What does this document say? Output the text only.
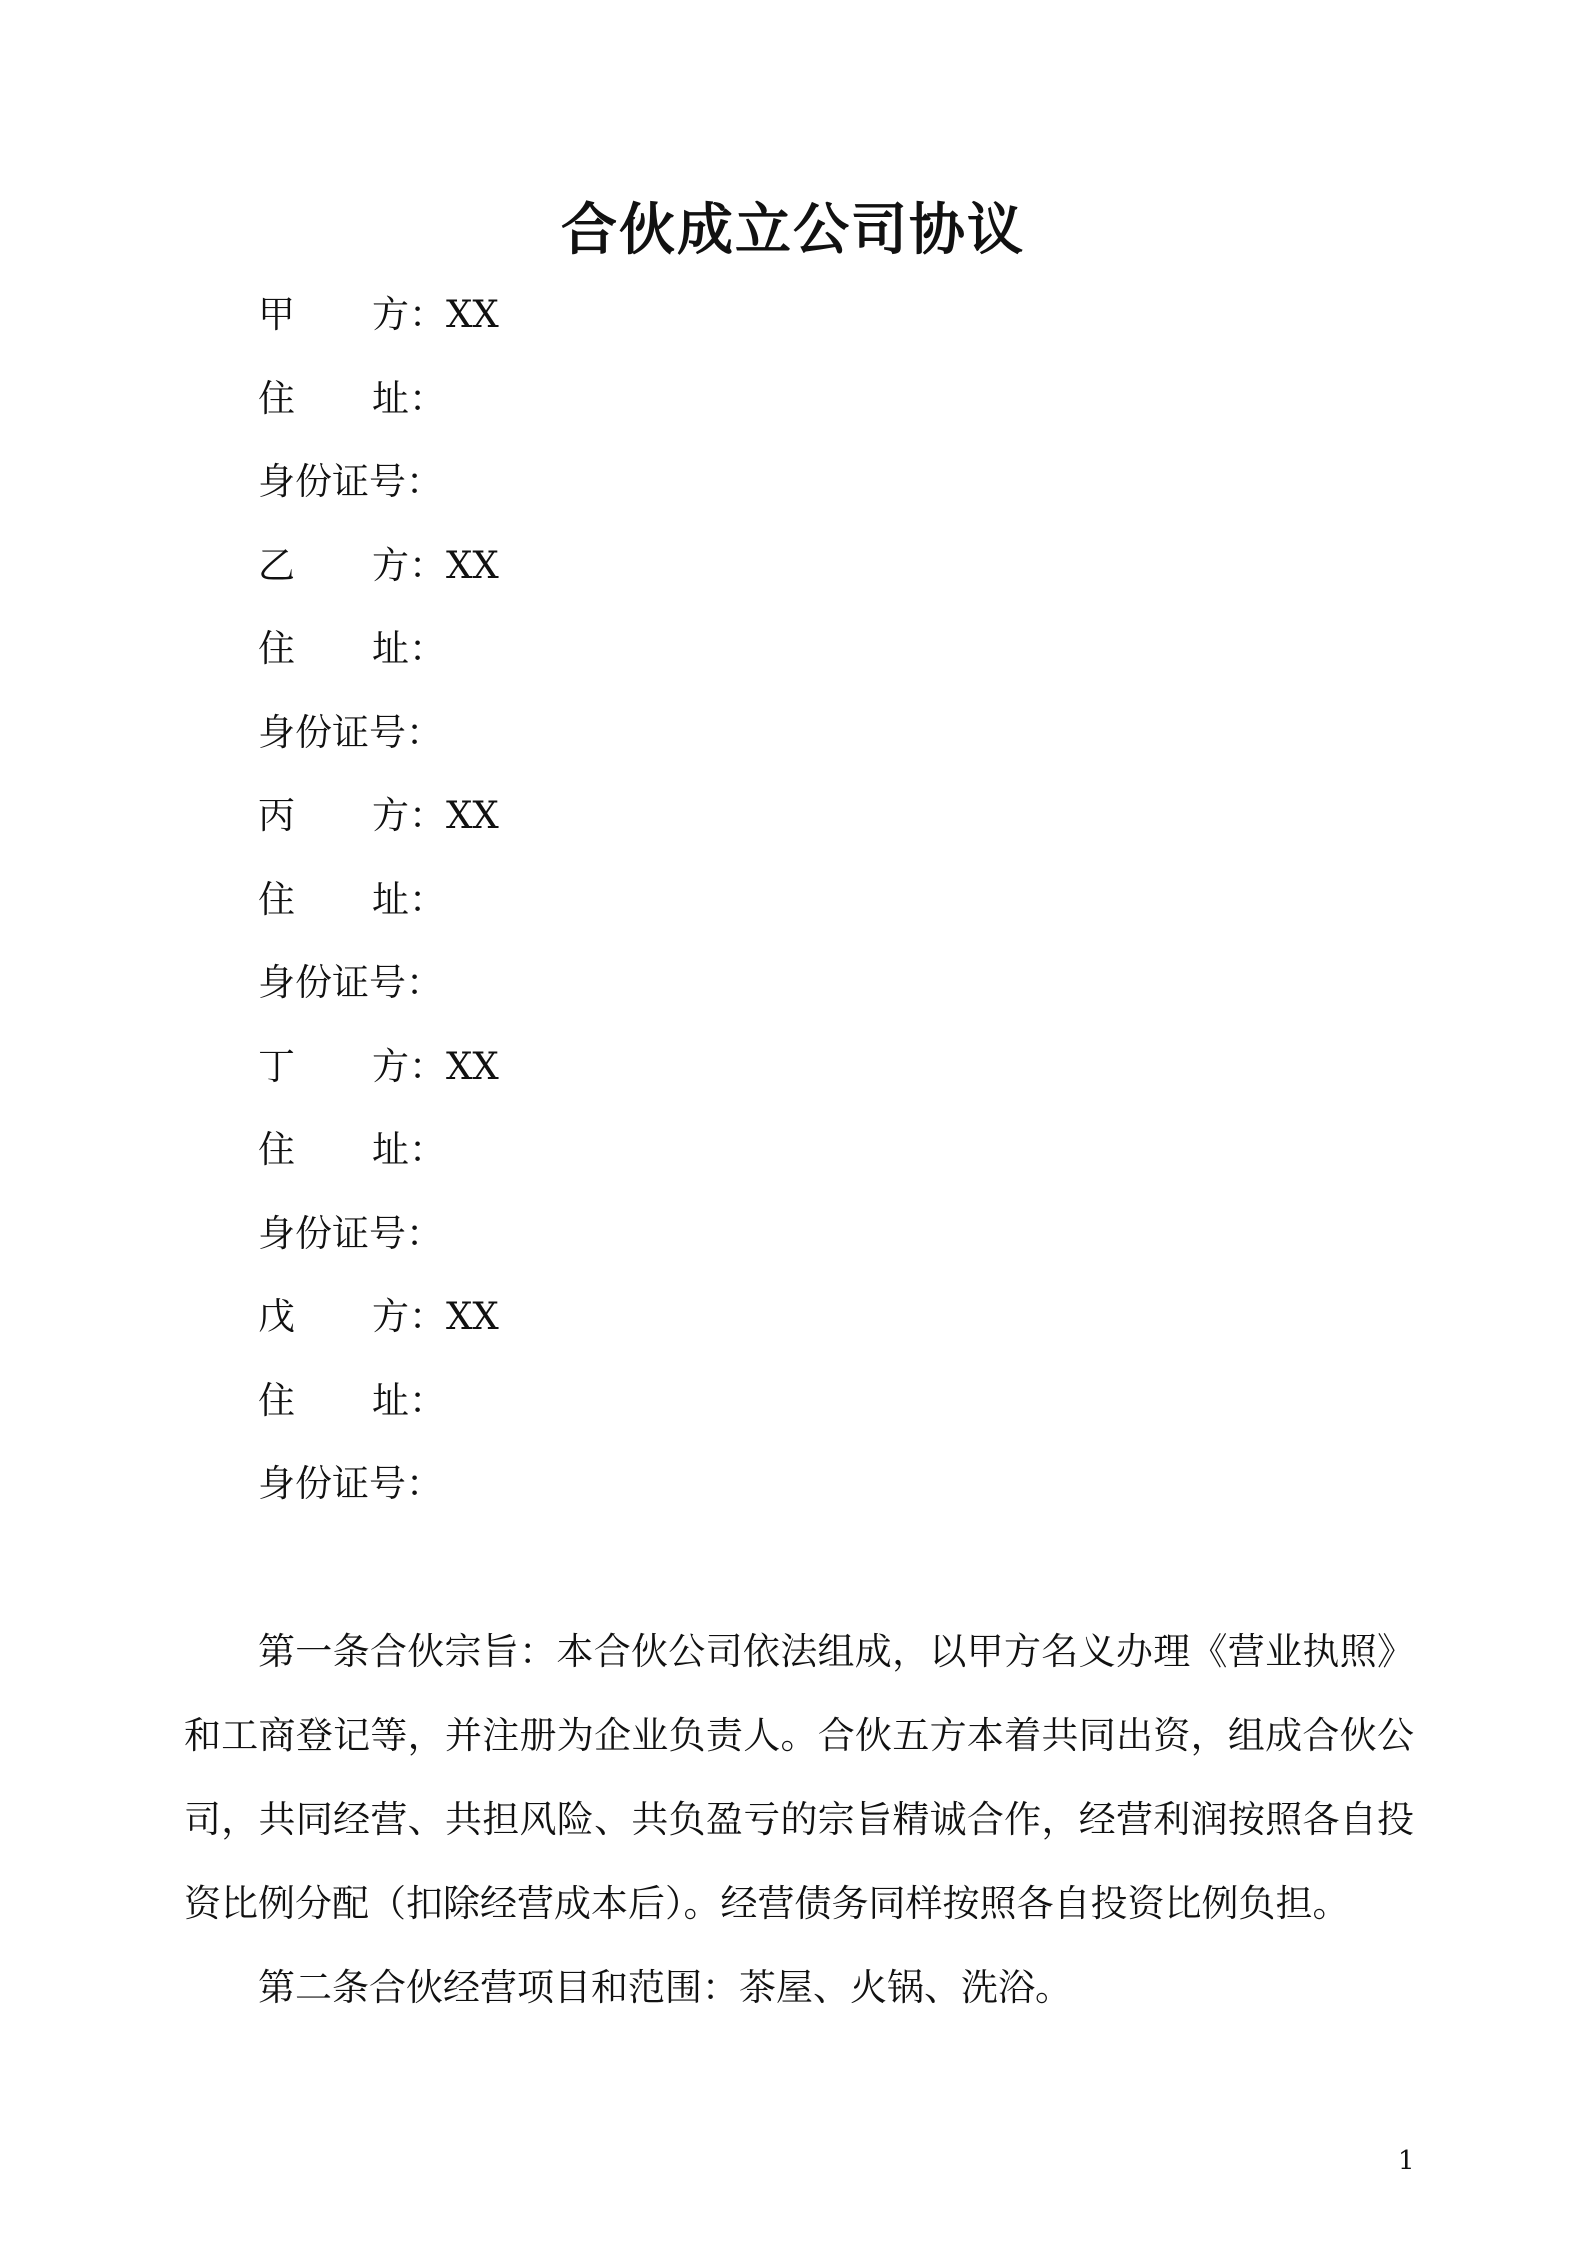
合伙成立公司协议
甲 方：XX
住 址：
身份证号：
乙 方：XX
住 址：
身份证号：
丙 方：XX
住 址：
身份证号：
丁 方：XX
住 址：
身份证号：
戊 方：XX
住 址：
身份证号：

第一条合伙宗旨：本合伙公司依法组成，以甲方名义办理《营业执照》和工商登记等，并注册为企业负责人。合伙五方本着共同出资，组成合伙公司，共同经营、共担风险、共负盈亏的宗旨精诚合作，经营利润按照各自投资比例分配（扣除经营成本后）。经营债务同样按照各自投资比例负担。

第二条合伙经营项目和范围：茶屋、火锅、洗浴。

1
